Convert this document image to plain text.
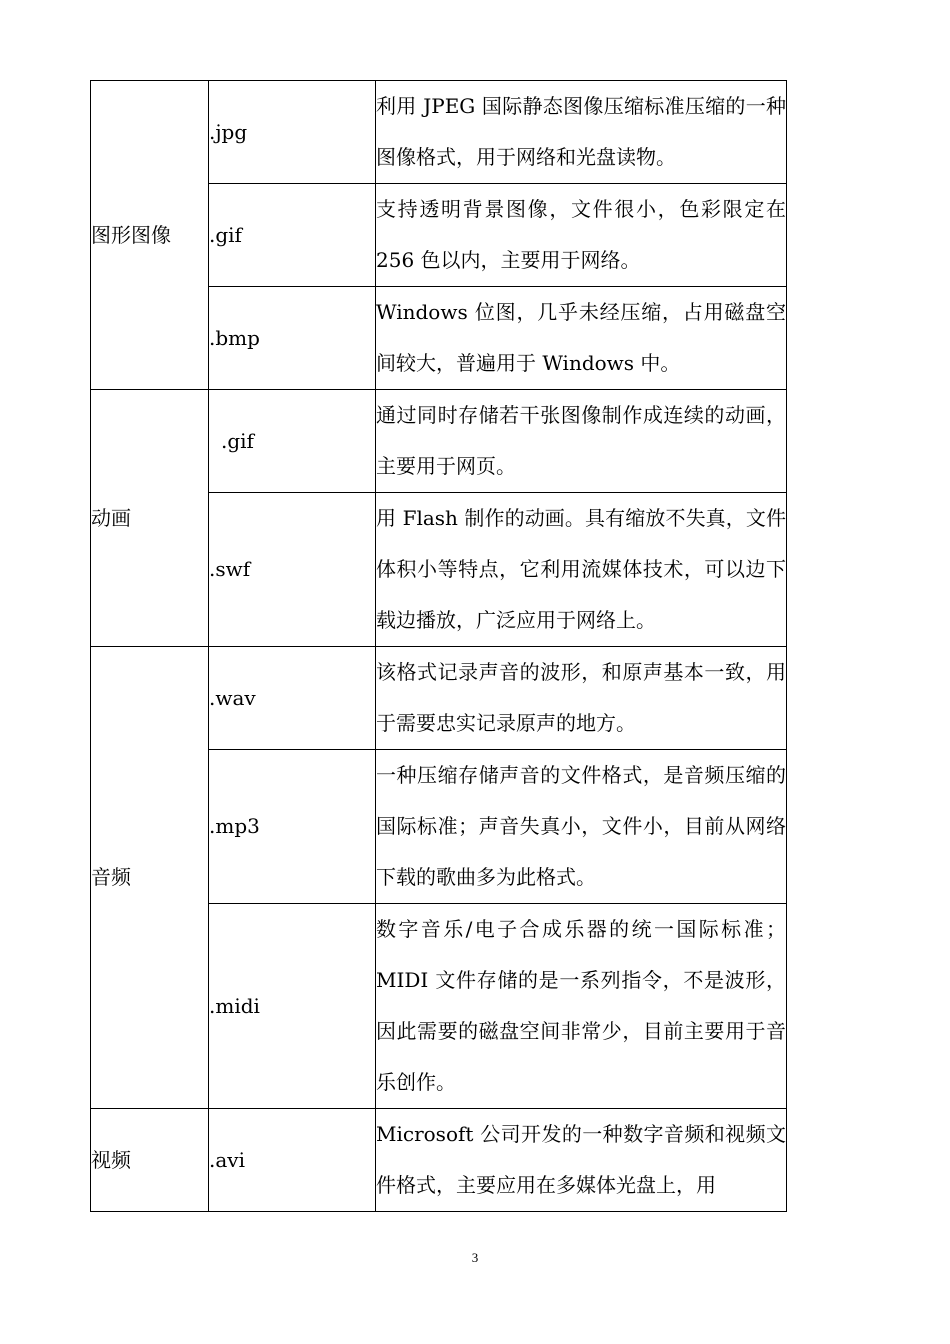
图形图像	.jpg	利用 JPEG 国际静态图像压缩标准压缩的一种图像格式，用于网络和光盘读物。
	.gif	支持透明背景图像，文件很小，色彩限定在 256 色以内，主要用于网络。
	.bmp	Windows 位图，几乎未经压缩，占用磁盘空间较大，普遍用于 Windows 中。
动画	.gif	通过同时存储若干张图像制作成连续的动画，主要用于网页。
	.swf	用 Flash 制作的动画。具有缩放不失真，文件体积小等特点，它利用流媒体技术，可以边下载边播放，广泛应用于网络上。
音频	.wav	该格式记录声音的波形，和原声基本一致，用于需要忠实记录原声的地方。
	.mp3	一种压缩存储声音的文件格式，是音频压缩的国际标准；声音失真小，文件小，目前从网络下载的歌曲多为此格式。
	.midi	数字音乐/电子合成乐器的统一国际标准；MIDI 文件存储的是一系列指令，不是波形，因此需要的磁盘空间非常少，目前主要用于音乐创作。
视频	.avi	Microsoft 公司开发的一种数字音频和视频文件格式，主要应用在多媒体光盘上，用
3
